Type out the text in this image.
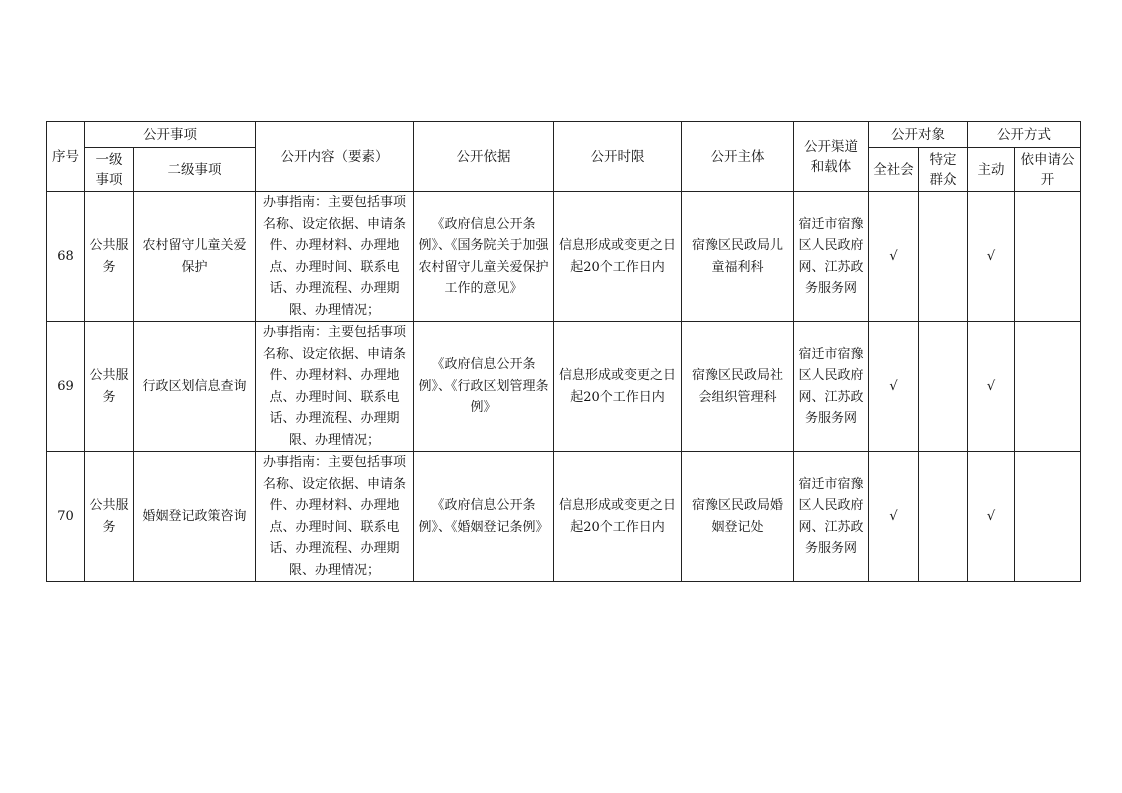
序号	公开事项		公开内容（要素）	公开依据	公开时限	公开主体	公开渠道和载体	公开对象		公开方式	
	一级事项	二级事项						全社会	特定群众	主动	依申请公开
68	公共服务	农村留守儿童关爱保护	办事指南：主要包括事项名称、设定依据、申请条件、办理材料、办理地点、办理时间、联系电话、办理流程、办理期限、办理情况；	《政府信息公开条例》、《国务院关于加强农村留守儿童关爱保护工作的意见》	信息形成或变更之日起20个工作日内	宿豫区民政局儿童福利科	宿迁市宿豫区人民政府网、江苏政务服务网	√		√	
69	公共服务	行政区划信息查询	办事指南：主要包括事项名称、设定依据、申请条件、办理材料、办理地点、办理时间、联系电话、办理流程、办理期限、办理情况；	《政府信息公开条例》、《行政区划管理条例》	信息形成或变更之日起20个工作日内	宿豫区民政局社会组织管理科	宿迁市宿豫区人民政府网、江苏政务服务网	√		√	
70	公共服务	婚姻登记政策咨询	办事指南：主要包括事项名称、设定依据、申请条件、办理材料、办理地点、办理时间、联系电话、办理流程、办理期限、办理情况；	《政府信息公开条例》、《婚姻登记条例》	信息形成或变更之日起20个工作日内	宿豫区民政局婚姻登记处	宿迁市宿豫区人民政府网、江苏政务服务网	√		√	
